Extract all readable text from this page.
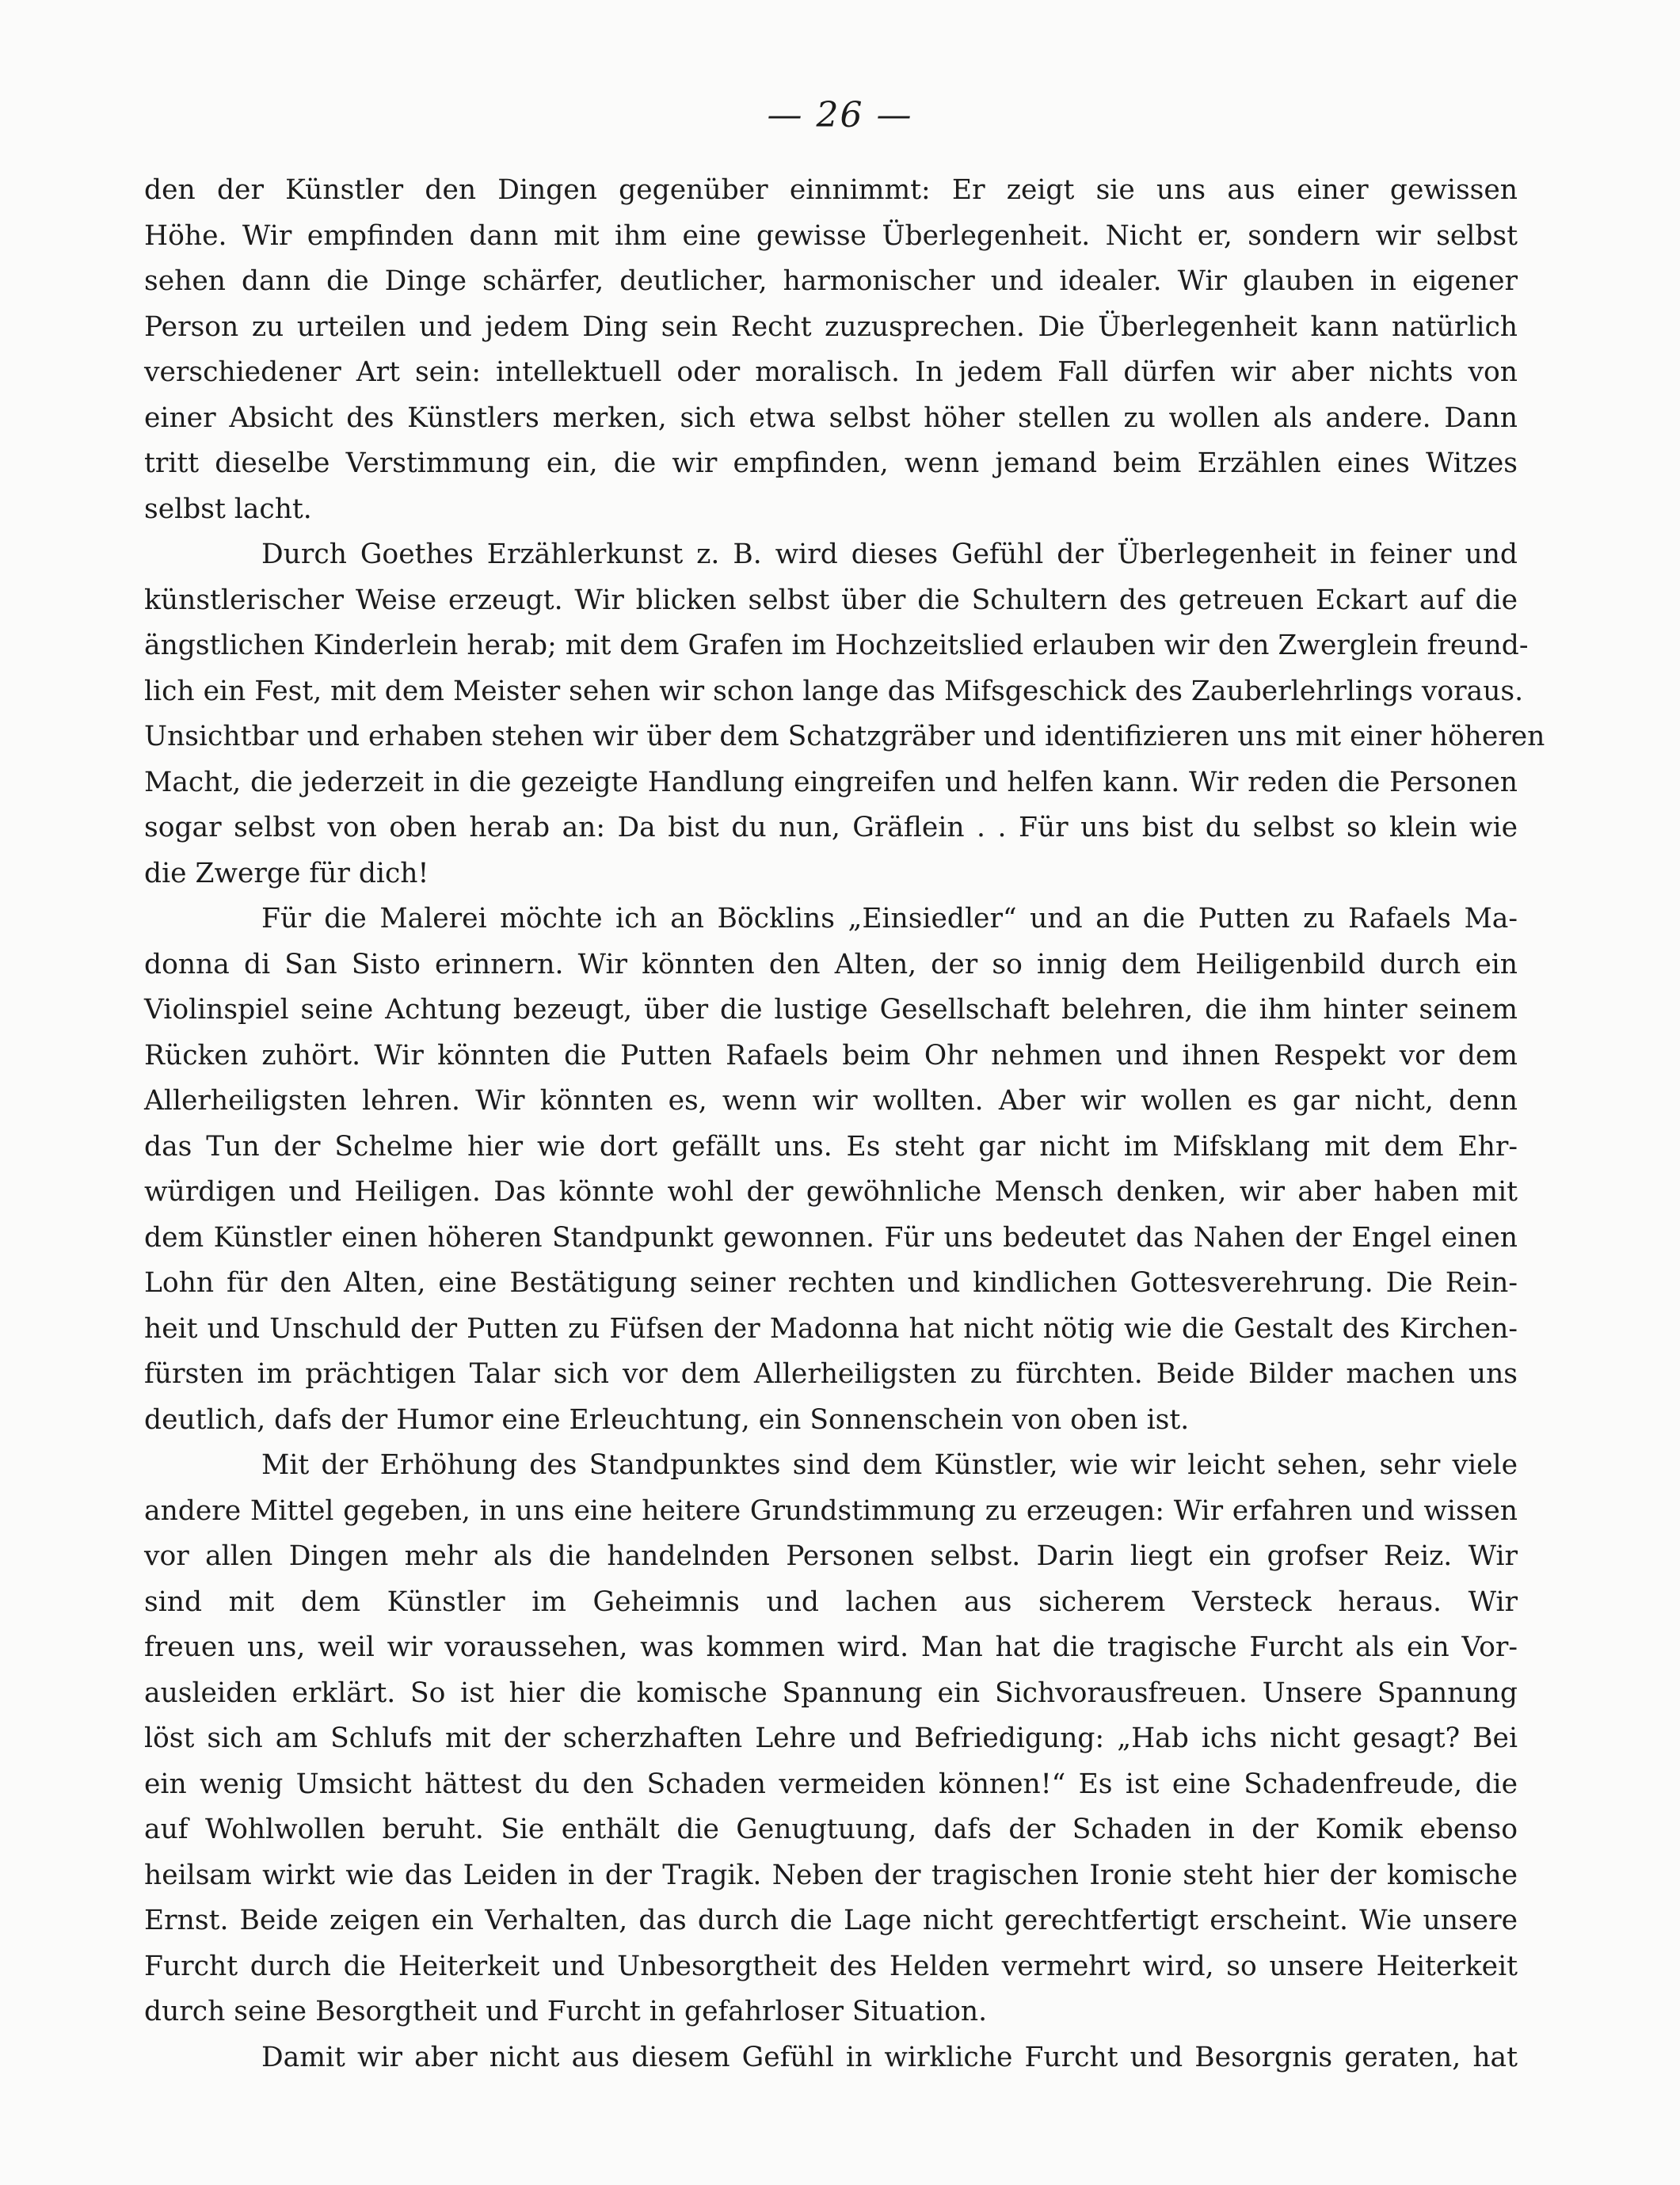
— 26 —
den der Künstler den Dingen gegenüber einnimmt: Er zeigt sie uns aus einer gewissen
Höhe. Wir empfinden dann mit ihm eine gewisse Überlegenheit. Nicht er, sondern wir selbst
sehen dann die Dinge schärfer, deutlicher, harmonischer und idealer. Wir glauben in eigener
Person zu urteilen und jedem Ding sein Recht zuzusprechen. Die Überlegenheit kann natürlich
verschiedener Art sein: intellektuell oder moralisch. In jedem Fall dürfen wir aber nichts von
einer Absicht des Künstlers merken, sich etwa selbst höher stellen zu wollen als andere. Dann
tritt dieselbe Verstimmung ein, die wir empfinden, wenn jemand beim Erzählen eines Witzes
selbst lacht.
Durch Goethes Erzählerkunst z. B. wird dieses Gefühl der Überlegenheit in feiner und
künstlerischer Weise erzeugt. Wir blicken selbst über die Schultern des getreuen Eckart auf die
ängstlichen Kinderlein herab; mit dem Grafen im Hochzeitslied erlauben wir den Zwerglein freund-
lich ein Fest, mit dem Meister sehen wir schon lange das Mifsgeschick des Zauberlehrlings voraus.
Unsichtbar und erhaben stehen wir über dem Schatzgräber und identifizieren uns mit einer höheren
Macht, die jederzeit in die gezeigte Handlung eingreifen und helfen kann. Wir reden die Personen
sogar selbst von oben herab an: Da bist du nun, Gräflein . . Für uns bist du selbst so klein wie
die Zwerge für dich!
Für die Malerei möchte ich an Böcklins „Einsiedler“ und an die Putten zu Rafaels Ma-
donna di San Sisto erinnern. Wir könnten den Alten, der so innig dem Heiligenbild durch ein
Violinspiel seine Achtung bezeugt, über die lustige Gesellschaft belehren, die ihm hinter seinem
Rücken zuhört. Wir könnten die Putten Rafaels beim Ohr nehmen und ihnen Respekt vor dem
Allerheiligsten lehren. Wir könnten es, wenn wir wollten. Aber wir wollen es gar nicht, denn
das Tun der Schelme hier wie dort gefällt uns. Es steht gar nicht im Mifsklang mit dem Ehr-
würdigen und Heiligen. Das könnte wohl der gewöhnliche Mensch denken, wir aber haben mit
dem Künstler einen höheren Standpunkt gewonnen. Für uns bedeutet das Nahen der Engel einen
Lohn für den Alten, eine Bestätigung seiner rechten und kindlichen Gottesverehrung. Die Rein-
heit und Unschuld der Putten zu Füfsen der Madonna hat nicht nötig wie die Gestalt des Kirchen-
fürsten im prächtigen Talar sich vor dem Allerheiligsten zu fürchten. Beide Bilder machen uns
deutlich, dafs der Humor eine Erleuchtung, ein Sonnenschein von oben ist.
Mit der Erhöhung des Standpunktes sind dem Künstler, wie wir leicht sehen, sehr viele
andere Mittel gegeben, in uns eine heitere Grundstimmung zu erzeugen: Wir erfahren und wissen
vor allen Dingen mehr als die handelnden Personen selbst. Darin liegt ein grofser Reiz. Wir
sind mit dem Künstler im Geheimnis und lachen aus sicherem Versteck heraus. Wir
freuen uns, weil wir voraussehen, was kommen wird. Man hat die tragische Furcht als ein Vor-
ausleiden erklärt. So ist hier die komische Spannung ein Sichvorausfreuen. Unsere Spannung
löst sich am Schlufs mit der scherzhaften Lehre und Befriedigung: „Hab ichs nicht gesagt? Bei
ein wenig Umsicht hättest du den Schaden vermeiden können!“ Es ist eine Schadenfreude, die
auf Wohlwollen beruht. Sie enthält die Genugtuung, dafs der Schaden in der Komik ebenso
heilsam wirkt wie das Leiden in der Tragik. Neben der tragischen Ironie steht hier der komische
Ernst. Beide zeigen ein Verhalten, das durch die Lage nicht gerechtfertigt erscheint. Wie unsere
Furcht durch die Heiterkeit und Unbesorgtheit des Helden vermehrt wird, so unsere Heiterkeit
durch seine Besorgtheit und Furcht in gefahrloser Situation.
Damit wir aber nicht aus diesem Gefühl in wirkliche Furcht und Besorgnis geraten, hat
